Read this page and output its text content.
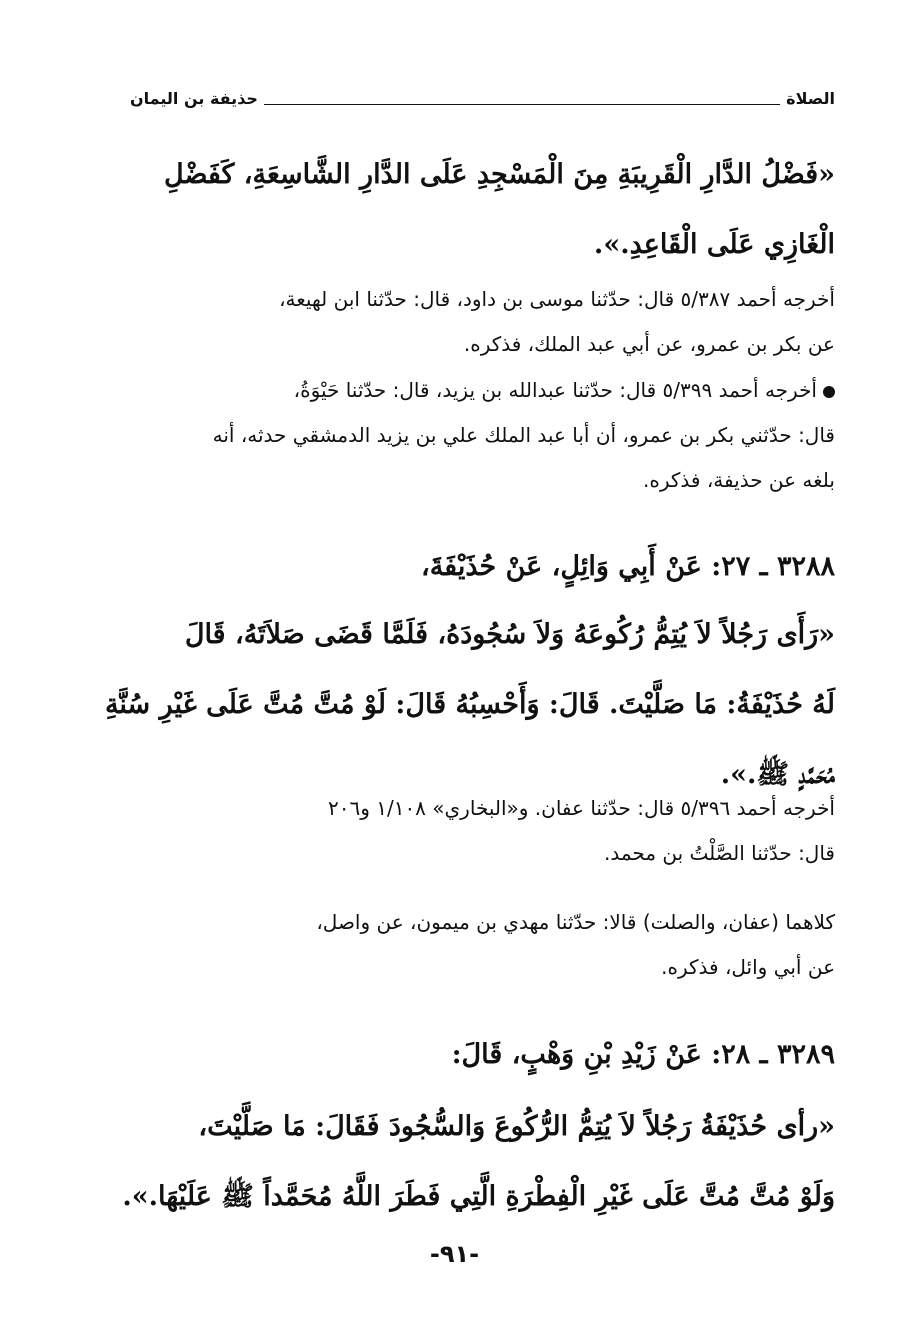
الصلاة
حذيفة بن اليمان
«فَضْلُ الدَّارِ الْقَرِيبَةِ مِنَ الْمَسْجِدِ عَلَى الدَّارِ الشَّاسِعَةِ، كَفَضْلِ
الْغَازِي عَلَى الْقَاعِدِ.».
أخرجه أحمد ٥/٣٨٧ قال: حدّثنا موسى بن داود، قال: حدّثنا ابن لهيعة،
عن بكر بن عمرو، عن أبي عبد الملك، فذكره.
أخرجه أحمد ٥/٣٩٩ قال: حدّثنا عبدالله بن يزيد، قال: حدّثنا حَيْوَةُ،
قال: حدّثني بكر بن عمرو، أن أبا عبد الملك علي بن يزيد الدمشقي حدثه، أنه
بلغه عن حذيفة، فذكره.
٣٢٨٨ ـ ٢٧: عَنْ أَبِي وَائِلٍ، عَنْ حُذَيْفَةَ،
«رَأَى رَجُلاً لاَ يُتِمُّ رُكُوعَهُ وَلاَ سُجُودَهُ، فَلَمَّا قَضَى صَلاَتَهُ، قَالَ
لَهُ حُذَيْفَةُ: مَا صَلَّيْتَ. قَالَ: وَأَحْسِبُهُ قَالَ: لَوْ مُتَّ مُتَّ عَلَى غَيْرِ سُنَّةِ
مُحَمَّدٍ ﷺ.».
أخرجه أحمد ٥/٣٩٦ قال: حدّثنا عفان. و«البخاري» ١/١٠٨ و٢٠٦
قال: حدّثنا الصَّلْتُ بن محمد.
كلاهما (عفان، والصلت) قالا: حدّثنا مهدي بن ميمون، عن واصل،
عن أبي وائل، فذكره.
٣٢٨٩ ـ ٢٨: عَنْ زَيْدِ بْنِ وَهْبٍ، قَالَ:
«رأى حُذَيْفَةُ رَجُلاً لاَ يُتِمُّ الرُّكُوعَ وَالسُّجُودَ فَقَالَ: مَا صَلَّيْتَ،
وَلَوْ مُتَّ مُتَّ عَلَى غَيْرِ الْفِطْرَةِ الَّتِي فَطَرَ اللَّهُ مُحَمَّداً ﷺ عَلَيْهَا.».
-٩١-
